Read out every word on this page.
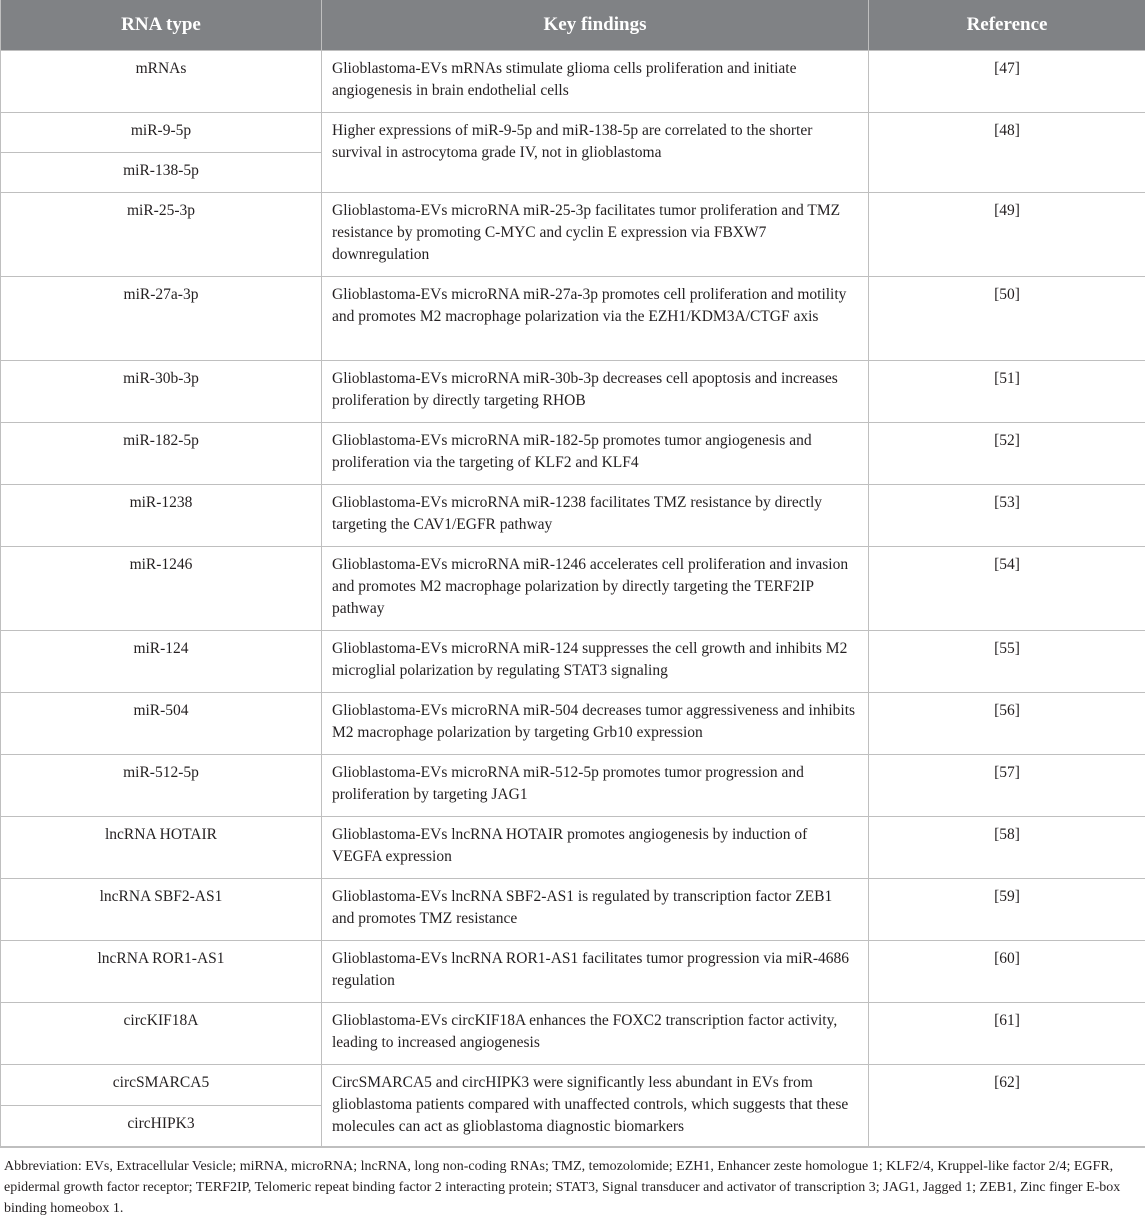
RNA type	Key findings	Reference
mRNAs	Glioblastoma-EVs mRNAs stimulate glioma cells proliferation and initiate angiogenesis in brain endothelial cells	[47]
miR-9-5p	Higher expressions of miR-9-5p and miR-138-5p are correlated to the shorter survival in astrocytoma grade IV, not in glioblastoma	[48]
miR-138-5p		
miR-25-3p	Glioblastoma-EVs microRNA miR-25-3p facilitates tumor proliferation and TMZ resistance by promoting C-MYC and cyclin E expression via FBXW7 downregulation	[49]
miR-27a-3p	Glioblastoma-EVs microRNA miR-27a-3p promotes cell proliferation and motility and promotes M2 macrophage polarization via the EZH1/KDM3A/CTGF axis	[50]
miR-30b-3p	Glioblastoma-EVs microRNA miR-30b-3p decreases cell apoptosis and increases proliferation by directly targeting RHOB	[51]
miR-182-5p	Glioblastoma-EVs microRNA miR-182-5p promotes tumor angiogenesis and proliferation via the targeting of KLF2 and KLF4	[52]
miR-1238	Glioblastoma-EVs microRNA miR-1238 facilitates TMZ resistance by directly targeting the CAV1/EGFR pathway	[53]
miR-1246	Glioblastoma-EVs microRNA miR-1246 accelerates cell proliferation and invasion and promotes M2 macrophage polarization by directly targeting the TERF2IP pathway	[54]
miR-124	Glioblastoma-EVs microRNA miR-124 suppresses the cell growth and inhibits M2 microglial polarization by regulating STAT3 signaling	[55]
miR-504	Glioblastoma-EVs microRNA miR-504 decreases tumor aggressiveness and inhibits M2 macrophage polarization by targeting Grb10 expression	[56]
miR-512-5p	Glioblastoma-EVs microRNA miR-512-5p promotes tumor progression and proliferation by targeting JAG1	[57]
lncRNA HOTAIR	Glioblastoma-EVs lncRNA HOTAIR promotes angiogenesis by induction of VEGFA expression	[58]
lncRNA SBF2-AS1	Glioblastoma-EVs lncRNA SBF2-AS1 is regulated by transcription factor ZEB1 and promotes TMZ resistance	[59]
lncRNA ROR1-AS1	Glioblastoma-EVs lncRNA ROR1-AS1 facilitates tumor progression via miR-4686 regulation	[60]
circKIF18A	Glioblastoma-EVs circKIF18A enhances the FOXC2 transcription factor activity, leading to increased angiogenesis	[61]
circSMARCA5	CircSMARCA5 and circHIPK3 were significantly less abundant in EVs from glioblastoma patients compared with unaffected controls, which suggests that these molecules can act as glioblastoma diagnostic biomarkers	[62]
circHIPK3		
Abbreviation: EVs, Extracellular Vesicle; miRNA, microRNA; lncRNA, long non-coding RNAs; TMZ, temozolomide; EZH1, Enhancer zeste homologue 1; KLF2/4, Kruppel-like factor 2/4; EGFR, epidermal growth factor receptor; TERF2IP, Telomeric repeat binding factor 2 interacting protein; STAT3, Signal transducer and activator of transcription 3; JAG1, Jagged 1; ZEB1, Zinc finger E-box binding homeobox 1.
